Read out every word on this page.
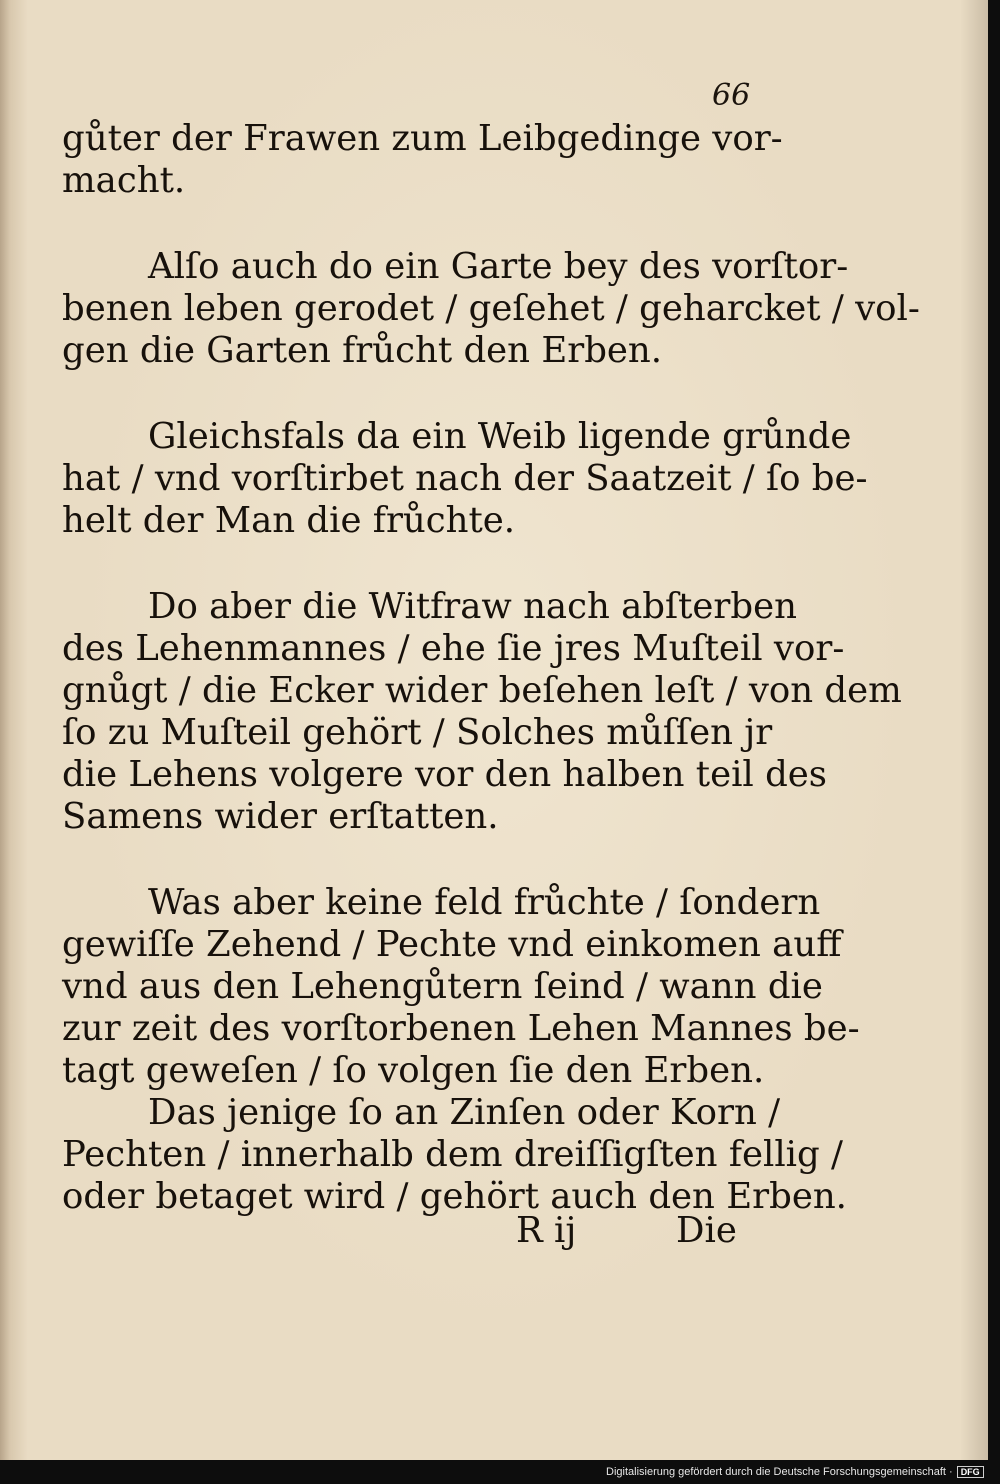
66
gůter der Frawen zum Leibgedinge vor-
macht.
Alſo auch do ein Garte bey des vorſtor-
benen leben gerodet / geſehet / geharcket / vol-
gen die Garten frůcht den Erben.
Gleichsfals da ein Weib ligende grůnde
hat / vnd vorſtirbet nach der Saatzeit / ſo be-
helt der Man die frůchte.
Do aber die Witfraw nach abſterben
des Lehenmannes / ehe ſie jres Muſteil vor-
gnůgt / die Ecker wider beſehen leſt / von dem
ſo zu Muſteil gehört / Solches můſſen jr
die Lehens volgere vor den halben teil des
Samens wider erſtatten.
Was aber keine feld frůchte / ſondern
gewiſſe Zehend / Pechte vnd einkomen auff
vnd aus den Lehengůtern ſeind / wann die
zur zeit des vorſtorbenen Lehen Mannes be-
tagt geweſen / ſo volgen ſie den Erben.
Das jenige ſo an Zinſen oder Korn /
Pechten / innerhalb dem dreiſſigſten fellig /
oder betaget wird / gehört auch den Erben.
R ij	Die
Digitalisierung gefördert durch die Deutsche Forschungsgemeinschaft · DFG
